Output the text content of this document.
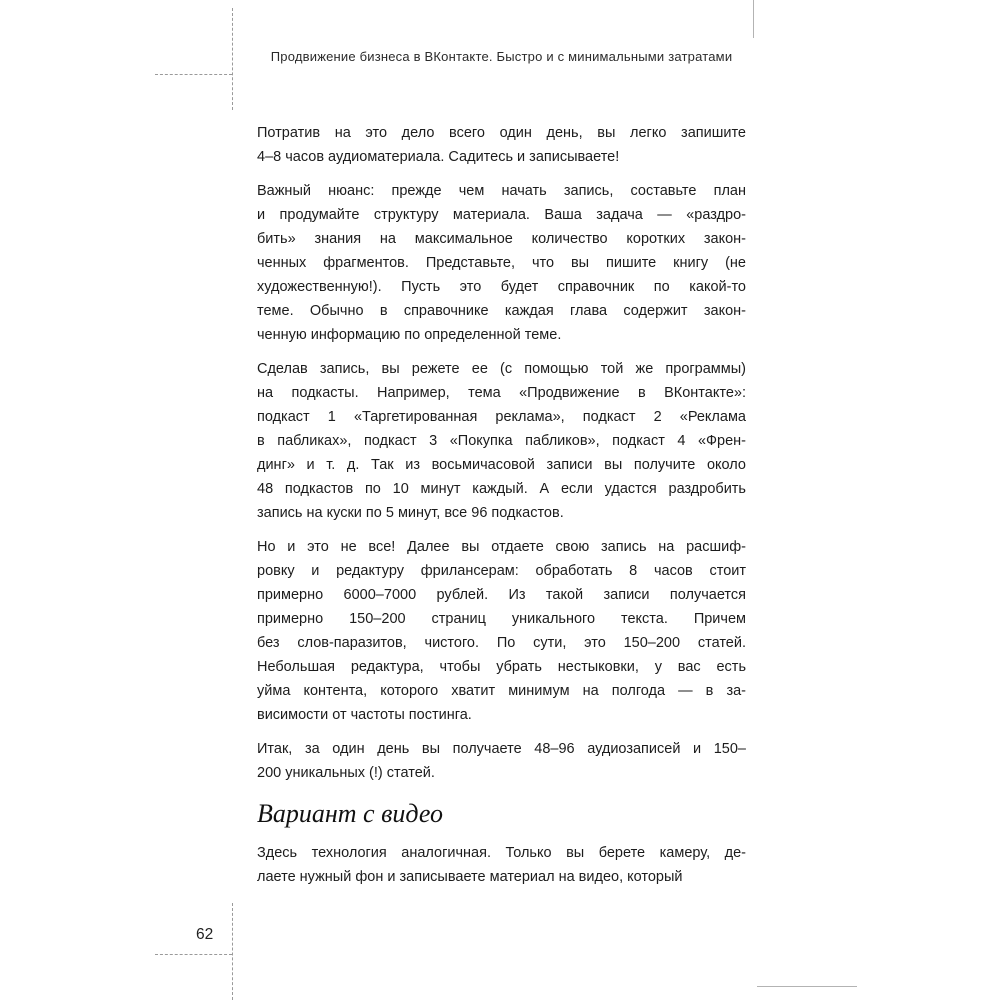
Продвижение бизнеса в ВКонтакте. Быстро и с минимальными затратами

Потратив на это дело всего один день, вы легко запишите
4–8 часов аудиоматериала. Садитесь и записываете!

Важный нюанс: прежде чем начать запись, составьте план
и продумайте структуру материала. Ваша задача — «раздро-
бить» знания на максимальное количество коротких закон-
ченных фрагментов. Представьте, что вы пишите книгу (не
художественную!). Пусть это будет справочник по какой-то
теме. Обычно в справочнике каждая глава содержит закон-
ченную информацию по определенной теме.

Сделав запись, вы режете ее (с помощью той же программы)
на подкасты. Например, тема «Продвижение в ВКонтакте»:
подкаст 1 «Таргетированная реклама», подкаст 2 «Реклама
в пабликах», подкаст 3 «Покупка пабликов», подкаст 4 «Френ-
динг» и т. д. Так из восьмичасовой записи вы получите около
48 подкастов по 10 минут каждый. А если удастся раздробить
запись на куски по 5 минут, все 96 подкастов.

Но и это не все! Далее вы отдаете свою запись на расшиф-
ровку и редактуру фрилансерам: обработать 8 часов стоит
примерно 6000–7000 рублей. Из такой записи получается
примерно 150–200 страниц уникального текста. Причем
без слов-паразитов, чистого. По сути, это 150–200 статей.
Небольшая редактура, чтобы убрать нестыковки, у вас есть
уйма контента, которого хватит минимум на полгода — в за-
висимости от частоты постинга.

Итак, за один день вы получаете 48–96 аудиозаписей и 150–
200 уникальных (!) статей.

Вариант с видео

Здесь технология аналогичная. Только вы берете камеру, де-
лаете нужный фон и записываете материал на видео, который

62
